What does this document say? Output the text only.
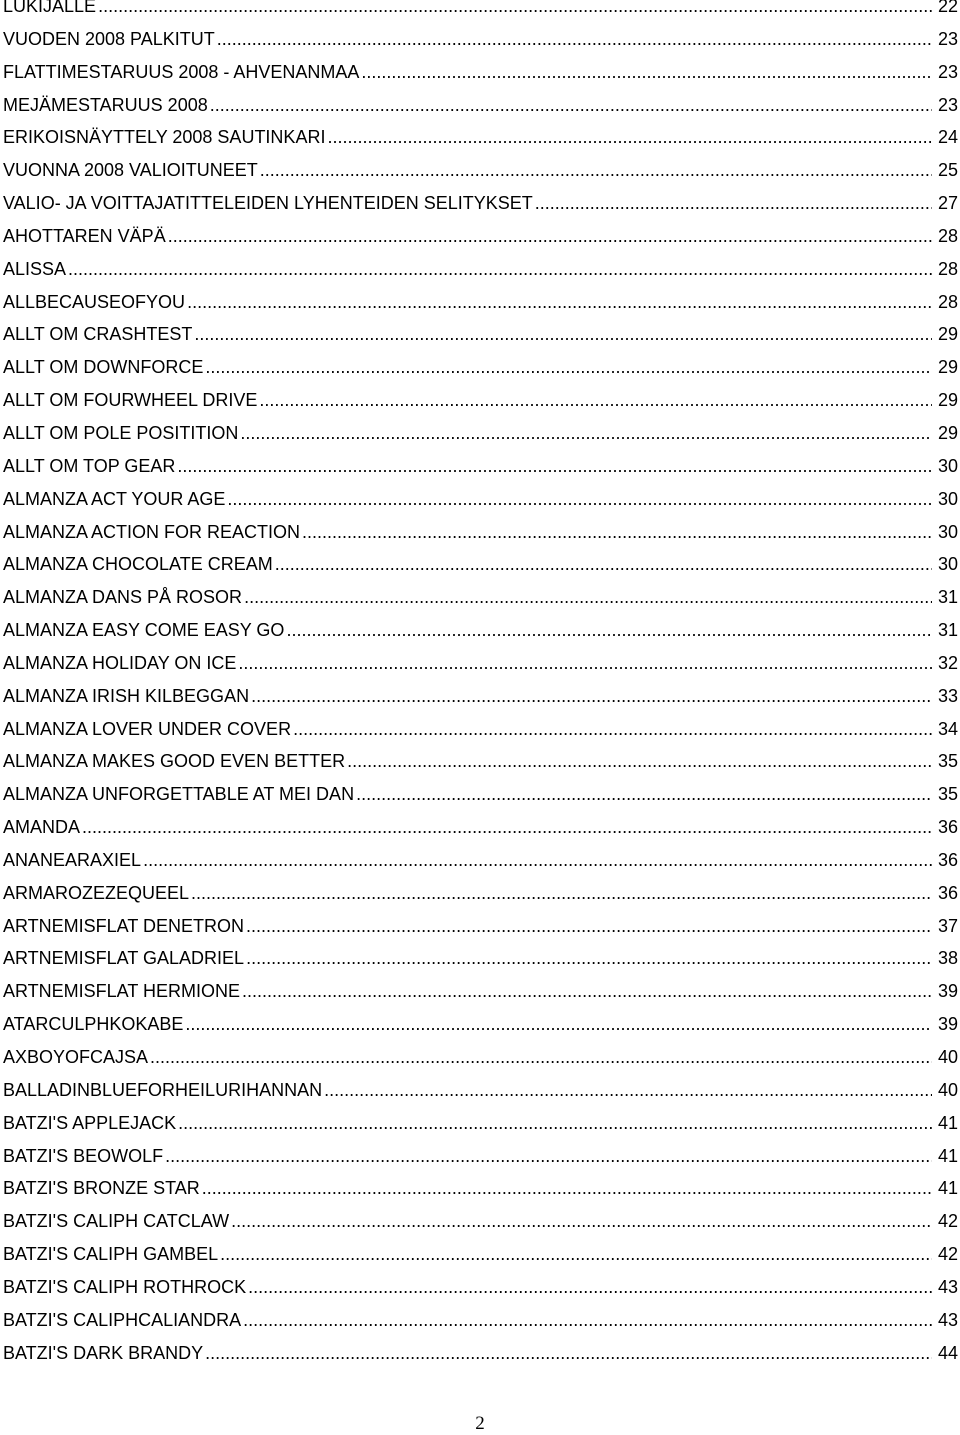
LUKIJALLE .....	22
VUODEN 2008 PALKITUT .....	23
FLATTIMESTARUUS 2008 - AHVENANMAA .....	23
MEJÄMESTARUUS 2008 .....	23
ERIKOISNÄYTTELY 2008 SAUTINKARI .....	24
VUONNA 2008 VALIOITUNEET .....	25
VALIO- JA VOITTAJATITTELEIDEN LYHENTEIDEN SELITYKSET .....	27
AHOTTAREN VÄPÄ .....	28
ALISSA .....	28
ALLBECAUSEOFYOU .....	28
ALLT OM CRASHTEST .....	29
ALLT OM DOWNFORCE .....	29
ALLT OM FOURWHEEL DRIVE .....	29
ALLT OM POLE POSITITION .....	29
ALLT OM TOP GEAR .....	30
ALMANZA ACT YOUR AGE .....	30
ALMANZA ACTION FOR REACTION .....	30
ALMANZA CHOCOLATE CREAM .....	30
ALMANZA DANS PÅ ROSOR .....	31
ALMANZA EASY COME EASY GO .....	31
ALMANZA HOLIDAY ON ICE .....	32
ALMANZA IRISH KILBEGGAN .....	33
ALMANZA LOVER UNDER COVER .....	34
ALMANZA MAKES GOOD EVEN BETTER .....	35
ALMANZA UNFORGETTABLE AT MEI DAN .....	35
AMANDA .....	36
ANANEARAXIEL .....	36
ARMAROZEZEQUEEL .....	36
ARTNEMISFLAT DENETRON .....	37
ARTNEMISFLAT GALADRIEL .....	38
ARTNEMISFLAT HERMIONE .....	39
ATARCULPHKOKABE .....	39
AXBOYOFCAJSA .....	40
BALLADINBLUEFORHEILURIHANNAN .....	40
BATZI'S APPLEJACK .....	41
BATZI'S BEOWOLF .....	41
BATZI'S BRONZE STAR .....	41
BATZI'S CALIPH CATCLAW .....	42
BATZI'S CALIPH GAMBEL .....	42
BATZI'S CALIPH ROTHROCK .....	43
BATZI'S CALIPHCALIANDRA .....	43
BATZI'S DARK BRANDY .....	44
2
